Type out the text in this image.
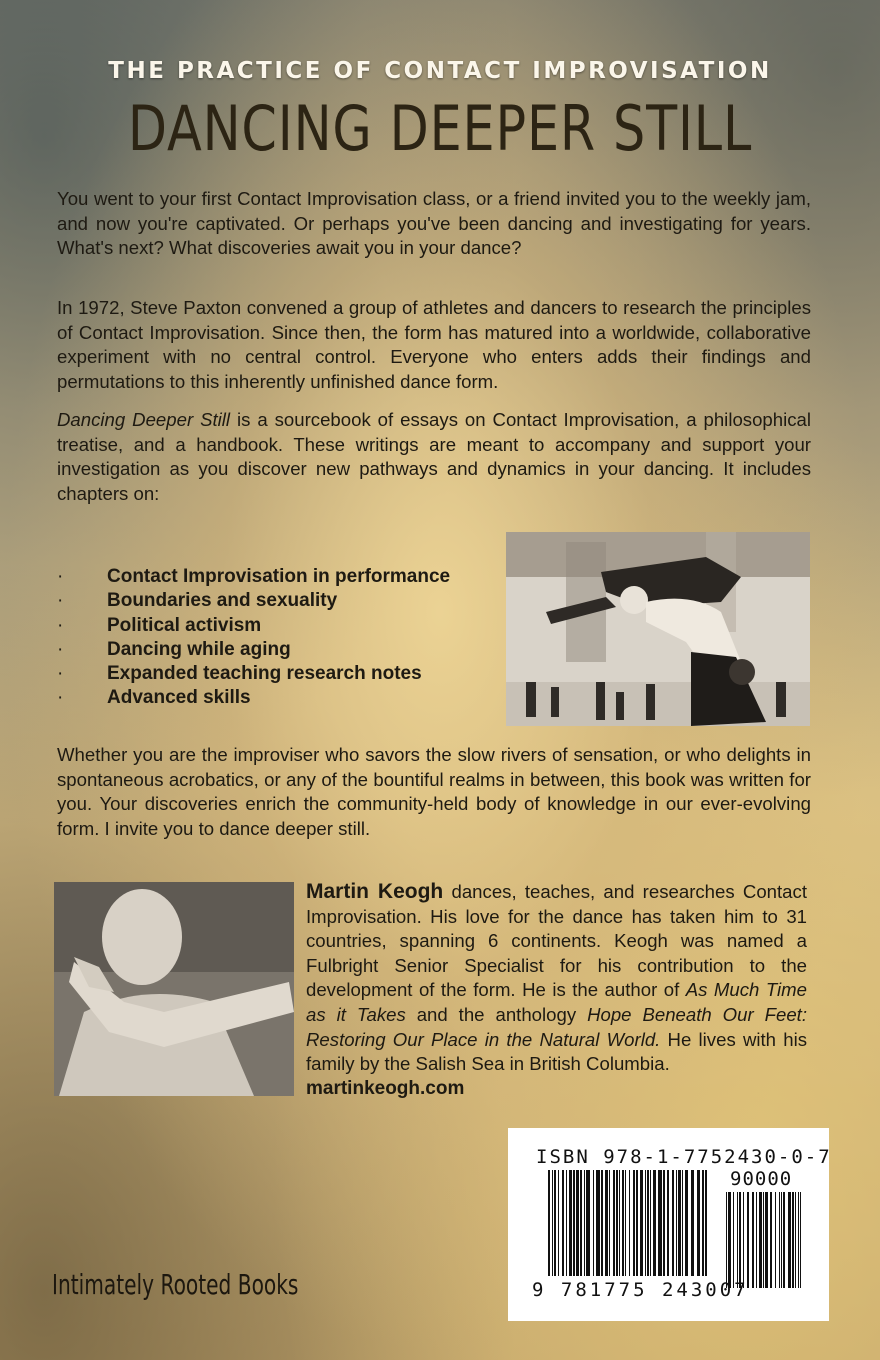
THE PRACTICE OF CONTACT IMPROVISATION
DANCING DEEPER STILL
You went to your first Contact Improvisation class, or a friend invited you to the weekly jam, and now you're captivated. Or perhaps you've been dancing and investigating for years. What's next? What discoveries await you in your dance?
In 1972, Steve Paxton convened a group of athletes and dancers to research the principles of Contact Improvisation. Since then, the form has matured into a worldwide, collaborative experiment with no central control. Everyone who enters adds their findings and permutations to this inherently unfinished dance form.
Dancing Deeper Still is a sourcebook of essays on Contact Improvisation, a philosophical treatise, and a handbook. These writings are meant to accompany and support your investigation as you discover new pathways and dynamics in your dancing. It includes chapters on:
· Contact Improvisation in performance
· Boundaries and sexuality
· Political activism
· Dancing while aging
· Expanded teaching research notes
· Advanced skills
Whether you are the improviser who savors the slow rivers of sensation, or who delights in spontaneous acrobatics, or any of the bountiful realms in between, this book was written for you. Your discoveries enrich the community-held body of knowledge in our ever-evolving form. I invite you to dance deeper still.
Martin Keogh dances, teaches, and researches Contact Improvisation. His love for the dance has taken him to 31 countries, spanning 6 continents. Keogh was named a Fulbright Senior Specialist for his contribution to the development of the form. He is the author of As Much Time as it Takes and the anthology Hope Beneath Our Feet: Restoring Our Place in the Natural World. He lives with his family by the Salish Sea in British Columbia.
martinkeogh.com
ISBN 978-1-7752430-0-7
90000
9 781775 243007
Intimately Rooted Books
